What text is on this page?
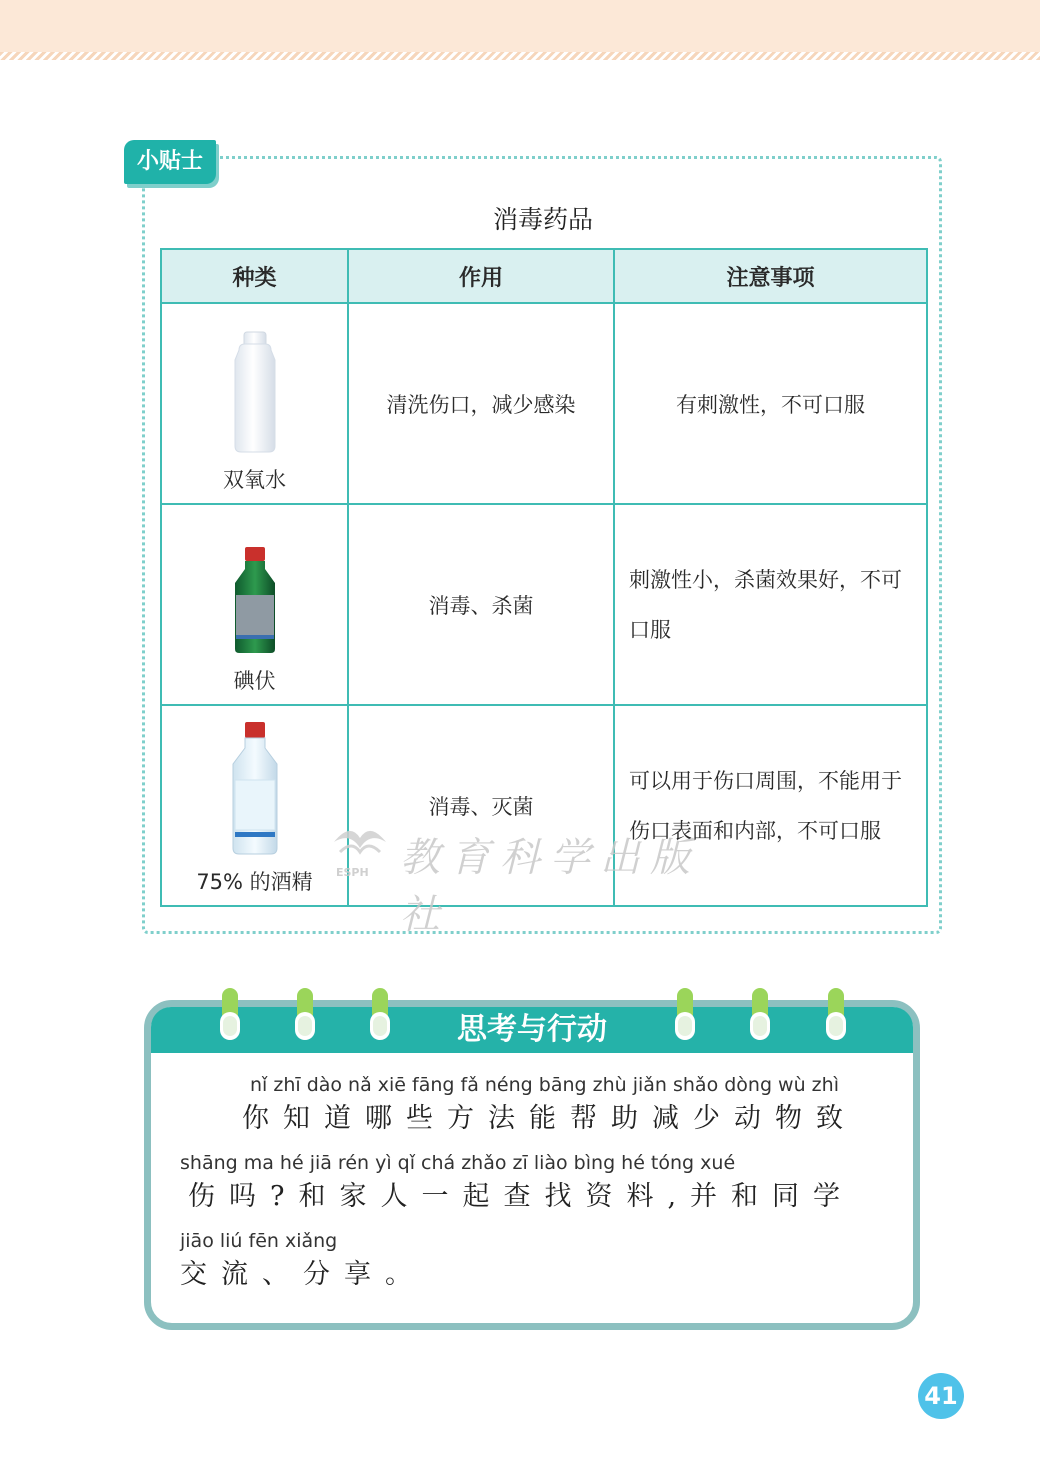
小贴士
消毒药品
种类	作用	注意事项

双氧水	清洗伤口，减少感染	有刺激性，不可口服

碘伏	消毒、杀菌	刺激性小，杀菌效果好，不可口服

75% 的酒精	消毒、灭菌	可以用于伤口周围，不能用于伤口表面和内部，不可口服
教育科学出版社
ESPH
思考与行动
nǐ zhī dào nǎ xiē fāng fǎ néng bāng zhù jiǎn shǎo dòng wù zhì
你知道哪些方法能帮助减少动物致
shāng ma hé jiā rén yì qǐ chá zhǎo zī liào bìng hé tóng xué
伤吗?和家人一起查找资料,并和同学
jiāo liú fēn xiǎng
交流、分享。
41
